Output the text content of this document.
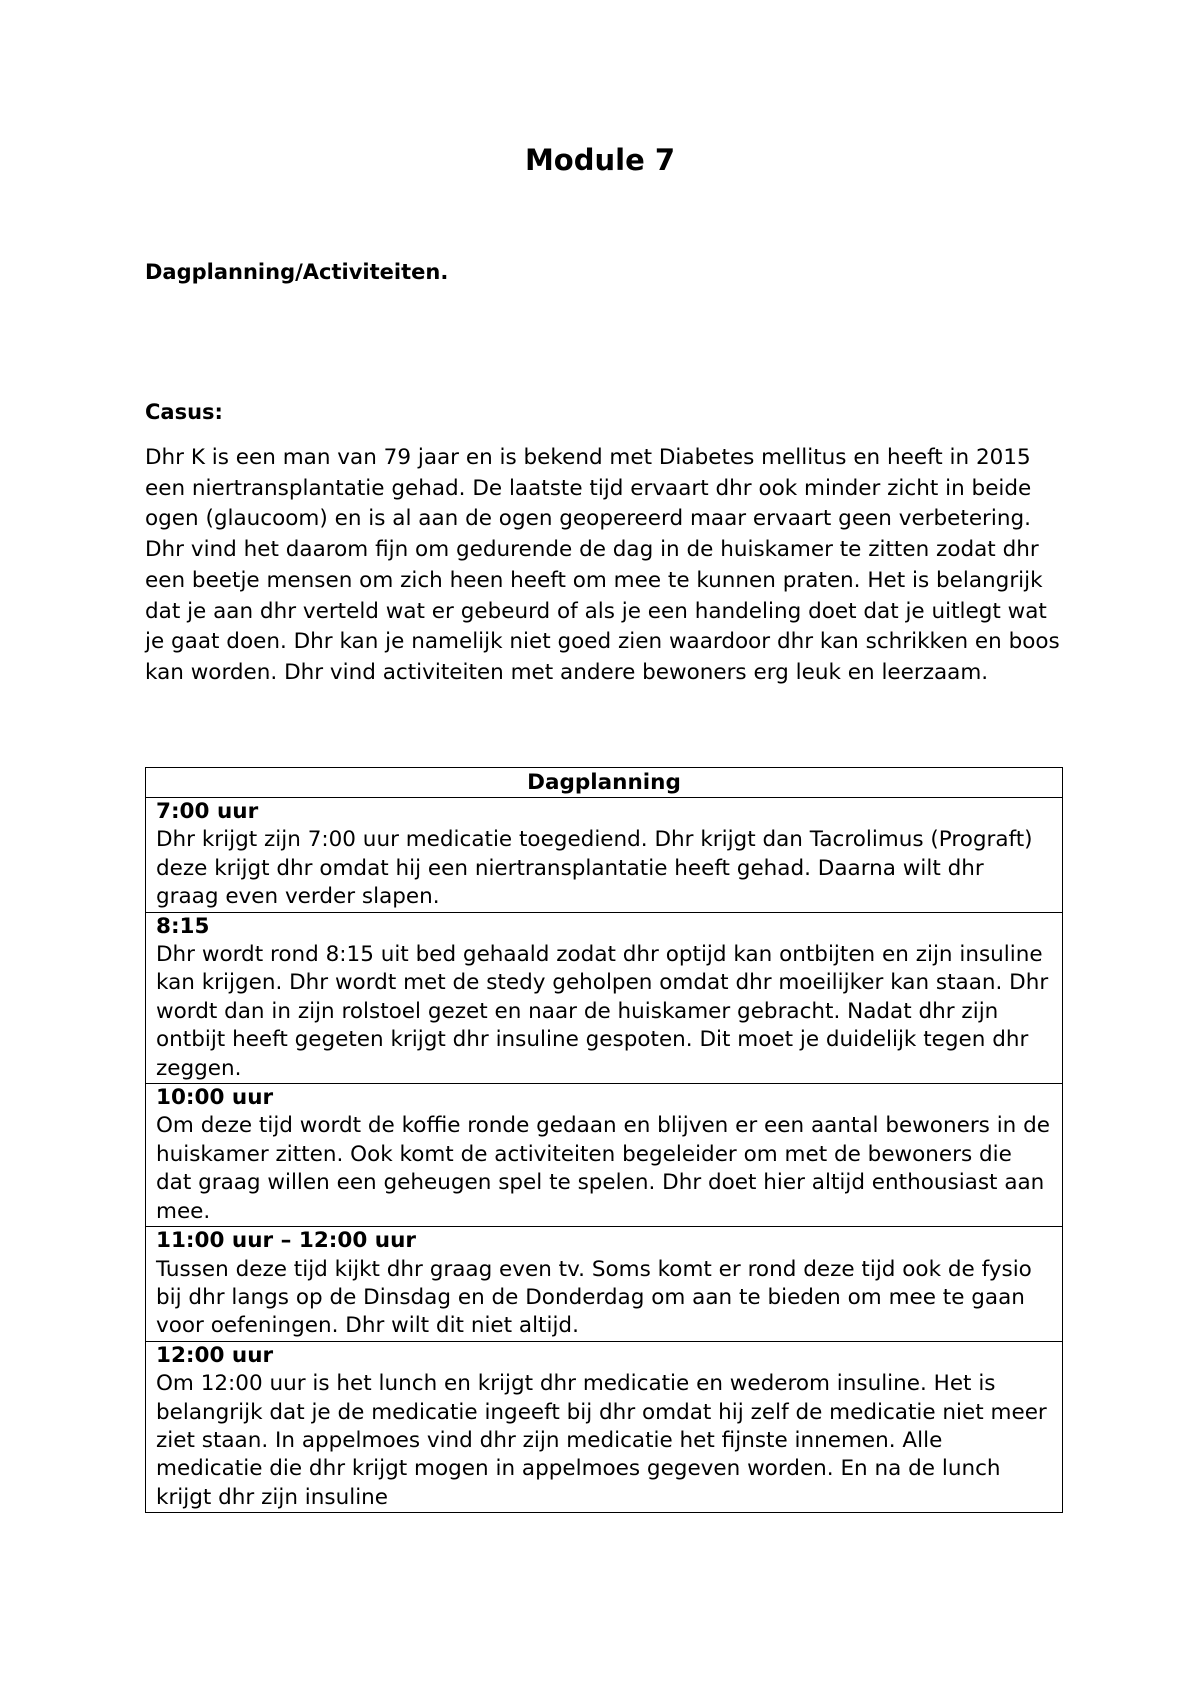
Module 7
Dagplanning/Activiteiten.
Casus:

Dhr K is een man van 79 jaar en is bekend met Diabetes mellitus en heeft in 2015 een niertransplantatie gehad. De laatste tijd ervaart dhr ook minder zicht in beide ogen (glaucoom) en is al aan de ogen geopereerd maar ervaart geen verbetering. Dhr vind het daarom fijn om gedurende de dag in de huiskamer te zitten zodat dhr een beetje mensen om zich heen heeft om mee te kunnen praten. Het is belangrijk dat je aan dhr verteld wat er gebeurd of als je een handeling doet dat je uitlegt wat je gaat doen. Dhr kan je namelijk niet goed zien waardoor dhr kan schrikken en boos kan worden. Dhr vind activiteiten met andere bewoners erg leuk en leerzaam.

Dagplanning

7:00 uur
Dhr krijgt zijn 7:00 uur medicatie toegediend. Dhr krijgt dan Tacrolimus (Prograft)
deze krijgt dhr omdat hij een niertransplantatie heeft gehad. Daarna wilt dhr graag even verder slapen.

8:15
Dhr wordt rond 8:15 uit bed gehaald zodat dhr optijd kan ontbijten en zijn insuline kan krijgen. Dhr wordt met de stedy geholpen omdat dhr moeilijker kan staan. Dhr wordt dan in zijn rolstoel gezet en naar de huiskamer gebracht. Nadat dhr zijn ontbijt heeft gegeten krijgt dhr insuline gespoten. Dit moet je duidelijk tegen dhr zeggen.

10:00 uur
Om deze tijd wordt de koffie ronde gedaan en blijven er een aantal bewoners in de huiskamer zitten. Ook komt de activiteiten begeleider om met de bewoners die dat graag willen een geheugen spel te spelen. Dhr doet hier altijd enthousiast aan mee.

11:00 uur – 12:00 uur
Tussen deze tijd kijkt dhr graag even tv. Soms komt er rond deze tijd ook de fysio bij dhr langs op de Dinsdag en de Donderdag om aan te bieden om mee te gaan voor oefeningen. Dhr wilt dit niet altijd.

12:00 uur
Om 12:00 uur is het lunch en krijgt dhr medicatie en wederom insuline. Het is belangrijk dat je de medicatie ingeeft bij dhr omdat hij zelf de medicatie niet meer ziet staan. In appelmoes vind dhr zijn medicatie het fijnste innemen. Alle medicatie die dhr krijgt mogen in appelmoes gegeven worden. En na de lunch krijgt dhr zijn insuline
